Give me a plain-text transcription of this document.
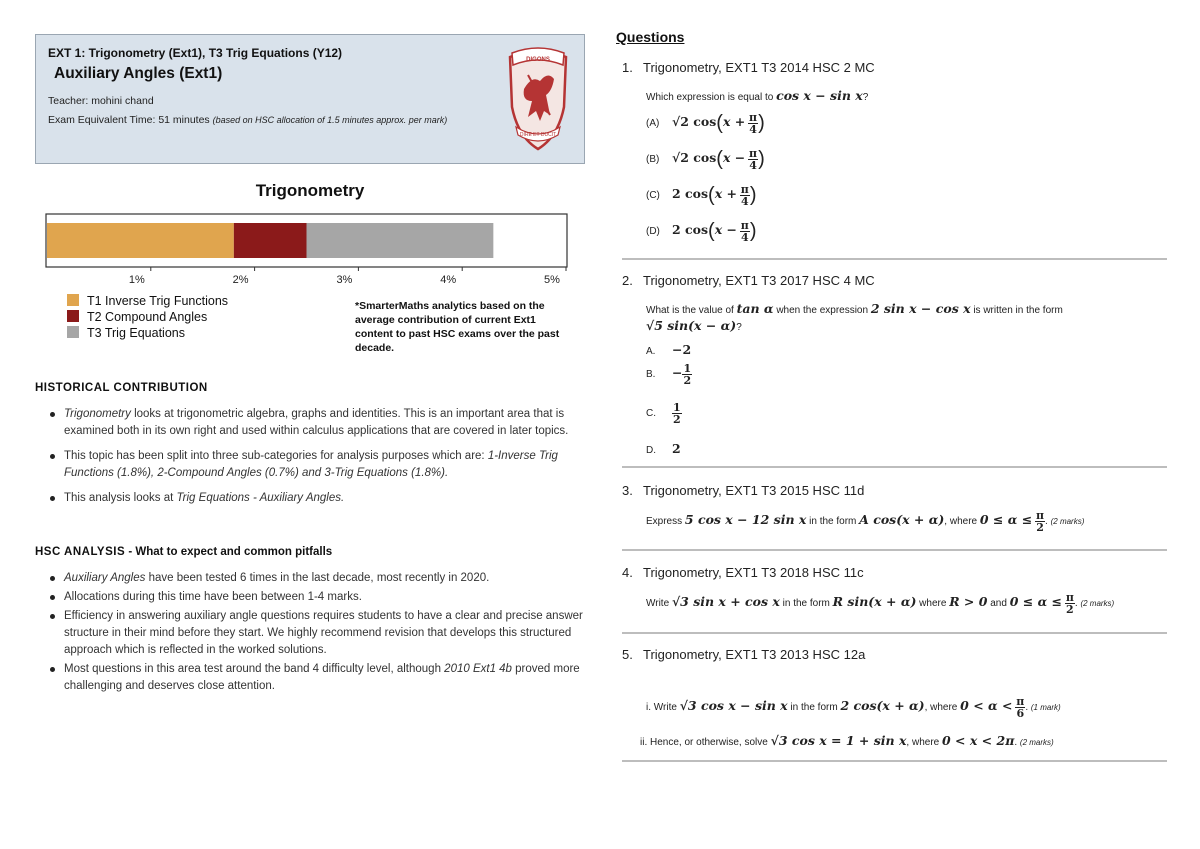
EXT 1: Trigonometry (Ext1), T3 Trig Equations (Y12)
Auxiliary Angles (Ext1)
Teacher: mohini chand
Exam Equivalent Time: 51 minutes (based on HSC allocation of 1.5 minutes approx. per mark)
DIGONS
DIRE ET DUCIT
Trigonometry
1%	2%	3%	4%	5%
T1 Inverse Trig Functions
T2 Compound Angles
T3 Trig Equations
*SmarterMaths analytics based on the average contribution of current Ext1 content to past HSC exams over the past decade.
HISTORICAL CONTRIBUTION
Trigonometry looks at trigonometric algebra, graphs and identities. This is an important area that is examined both in its own right and used within calculus applications that are covered in later topics.
This topic has been split into three sub-categories for analysis purposes which are: 1-Inverse Trig Functions (1.8%), 2-Compound Angles (0.7%) and 3-Trig Equations (1.8%).
This analysis looks at Trig Equations - Auxiliary Angles.
HSC ANALYSIS - What to expect and common pitfalls
Auxiliary Angles have been tested 6 times in the last decade, most recently in 2020.
Allocations during this time have been between 1-4 marks.
Efficiency in answering auxiliary angle questions requires students to have a clear and precise answer structure in their mind before they start. We highly recommend revision that develops this structured approach which is reflected in the worked solutions.
Most questions in this area test around the band 4 difficulty level, although 2010 Ext1 4b proved more challenging and deserves close attention.
Questions
1. Trigonometry, EXT1 T3 2014 HSC 2 MC
Which expression is equal to cos x − sin x?
(A) √2 $\cos(x + \frac{\pi}{4}$ )
(B) √2 $\cos(x - \frac{\pi}{4}$ )
(C) 2 $\cos(x + \frac{\pi}{4}$ )
(D) 2 $\cos(x - \frac{\pi}{4}$ )
2. Trigonometry, EXT1 T3 2017 HSC 4 MC
What is the value of tan α when the expression 2 sin x − cos x is written in the form
√5 sin(x − α)?
A. −2
B. − $\frac{1}{2}$
C. $\frac{1}{2}$
D. 2
3. Trigonometry, EXT1 T3 2015 HSC 11d
Express 5 cos x − 12 sin x in the form A cos(x + α), where $0 \le \alpha \le \frac{\pi}{2}$ . (2 marks)
4. Trigonometry, EXT1 T3 2018 HSC 11c
Write √3 sin x + cos x in the form R sin(x + α) where R > 0 and $0 \le \alpha \le \frac{\pi}{2}$ . (2 marks)
5. Trigonometry, EXT1 T3 2013 HSC 12a
i. Write √3 cos x − sin x in the form 2 cos(x + α), where $0 < \alpha < \frac{\pi}{6}$ . (1 mark)
ii. Hence, or otherwise, solve √3 cos x = 1 + sin x, where 0 < x < 2π. (2 marks)
